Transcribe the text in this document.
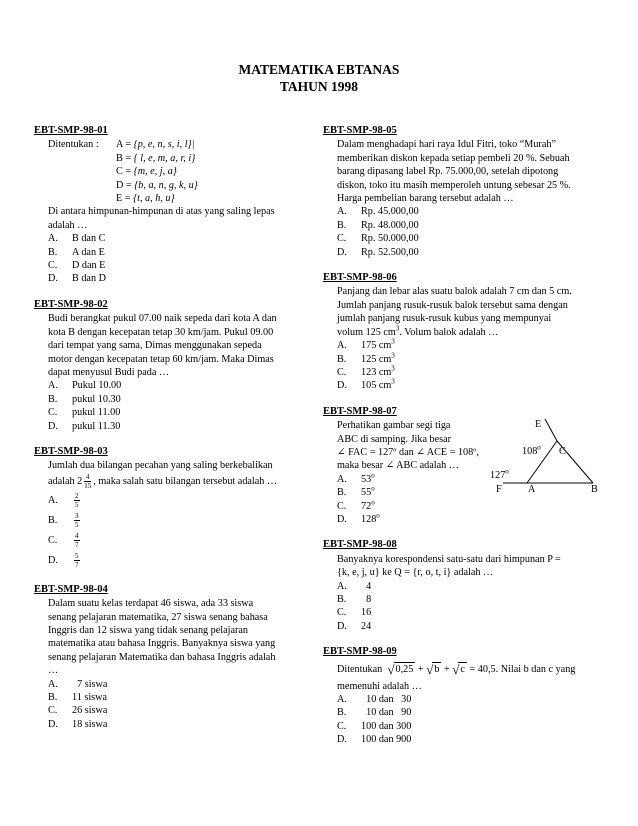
MATEMATIKA EBTANAS
TAHUN 1998
EBT-SMP-98-01
Ditentukan : A = {p, e, n, s, i, l}|
B = { l, e, m, a, r, i}
C = {m, e, j, a}
D = {b, a, n, g, k, u}
E = {t, a, h, u}
Di antara himpunan-himpunan di atas yang saling lepas
adalah …
A. B dan C
B. A dan E
C. D dan E
D. B dan D
EBT-SMP-98-02
Budi berangkat pukul 07.00 naik sepeda dari kota A dan
kota B dengan kecepatan tetap 30 km/jam. Pukul 09.00
dari tempat yang sama, Dimas menggunakan sepeda
motor dengan kecepatan tetap 60 km/jam. Maka Dimas
dapat menyusul Budi pada …
A. Pukul 10.00
B. pukul 10.30
C. pukul 11.00
D. pukul 11.30
EBT-SMP-98-03
Jumlah dua bilangan pecahan yang saling berkebalikan
adalah $2 \frac{4}{15}$ , maka salah satu bilangan tersebut adalah …
A.	$\frac{2}{5}$
B.	$\frac{3}{5}$
C.	$\frac{4}{7}$
D.	$\frac{5}{7}$
EBT-SMP-98-04
Dalam suatu kelas terdapat 46 siswa, ada 33 siswa
senang pelajaran matematika, 27 siswa senang bahasa
Inggris dan 12 siswa yang tidak senang pelajaran
matematika atau bahasa Inggris. Banyaknya siswa yang
senang pelajaran Matematika dan bahasa Inggris adalah
…
A.  7 siswa
B. 11 siswa
C. 26 siswa
D. 18 siswa
EBT-SMP-98-05
Dalam menghadapi hari raya Idul Fitri, toko “Murah”
memberikan diskon kepada setiap pembeli 20 %. Sebuah
barang dipasang label Rp. 75.000,00, setelah dipotong
diskon, toko itu masih memperoleh untung sebesar 25 %.
Harga pembelian barang tersebut adalah …
A. Rp. 45.000,00
B. Rp. 48.000,00
C. Rp. 50.000,00
D. Rp. 52.500,00
EBT-SMP-98-06
Panjang dan lebar alas suatu balok adalah 7 cm dan 5 cm.
Jumlah panjang rusuk-rusuk balok tersebut sama dengan
jumlah panjang rusuk-rusuk kubus yang mempunyai
volum 125 $cm^3$. Volum balok adalah …
A. 175 $cm^3$
B. 125 $cm^3$
C. 123 $cm^3$
D. 105 $cm^3$
EBT-SMP-98-07
Perhatikan gambar segi tiga
ABC di samping. Jika besar
∠ FAC = 127º dan ∠ ACE = 108º,
maka besar ∠ ABC adalah …
A. 53$^o$
B. 55$^o$
C. 72$^o$
D. 128$^o$
E
108$^o$ C
127$^o$
F	A	B
EBT-SMP-98-08
Banyaknya korespondensi satu-satu dari himpunan P =
{k, e, j, u} ke Q = {r, o, t, i} adalah …
A.  4
B.  8
C. 16
D. 24
EBT-SMP-98-09
Ditentukan
√ 0,25
+
√ b
+
√ c
= 40,5. Nilai b dan c yang
memenuhi adalah …
A.  10 dan   30
B.  10 dan   90
C. 100 dan 300
D. 100 dan 900
